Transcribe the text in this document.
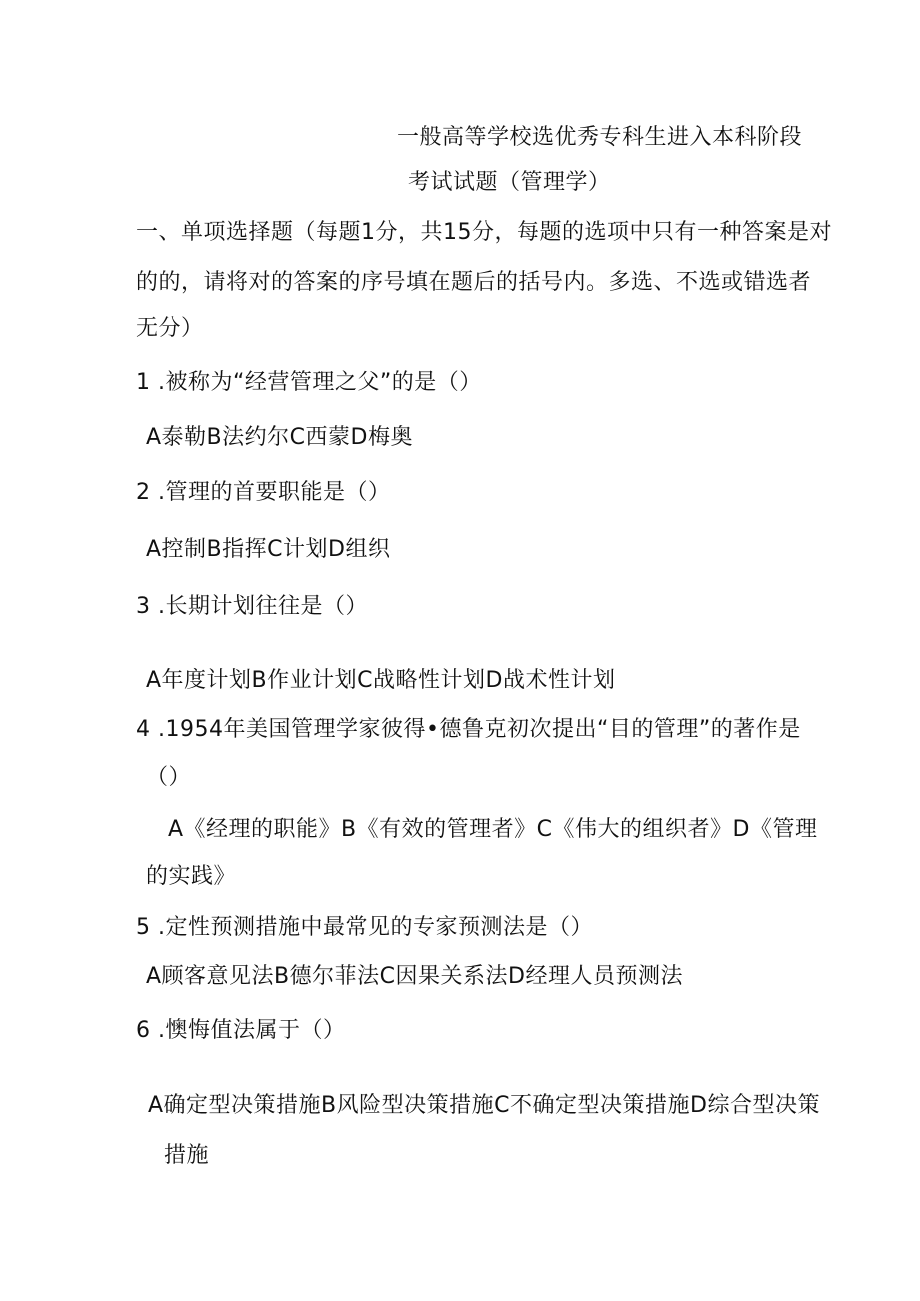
一般高等学校选优秀专科生进入本科阶段
考试试题（管理学）
一、单项选择题（每题1分，共15分，每题的选项中只有一种答案是对
的的，请将对的答案的序号填在题后的括号内。多选、不选或错选者
无分）
1 .被称为“经营管理之父”的是（）
A泰勒B法约尔C西蒙D梅奥
2 .管理的首要职能是（）
A控制B指挥C计划D组织
3 .长期计划往往是（）
A年度计划B作业计划C战略性计划D战术性计划
4 .1954年美国管理学家彼得•德鲁克初次提出“目的管理”的著作是
（）
A《经理的职能》B《有效的管理者》C《伟大的组织者》D《管理
的实践》
5 .定性预测措施中最常见的专家预测法是（）
A顾客意见法B德尔菲法C因果关系法D经理人员预测法
6 .懊悔值法属于（）
A确定型决策措施B风险型决策措施C不确定型决策措施D综合型决策
措施
